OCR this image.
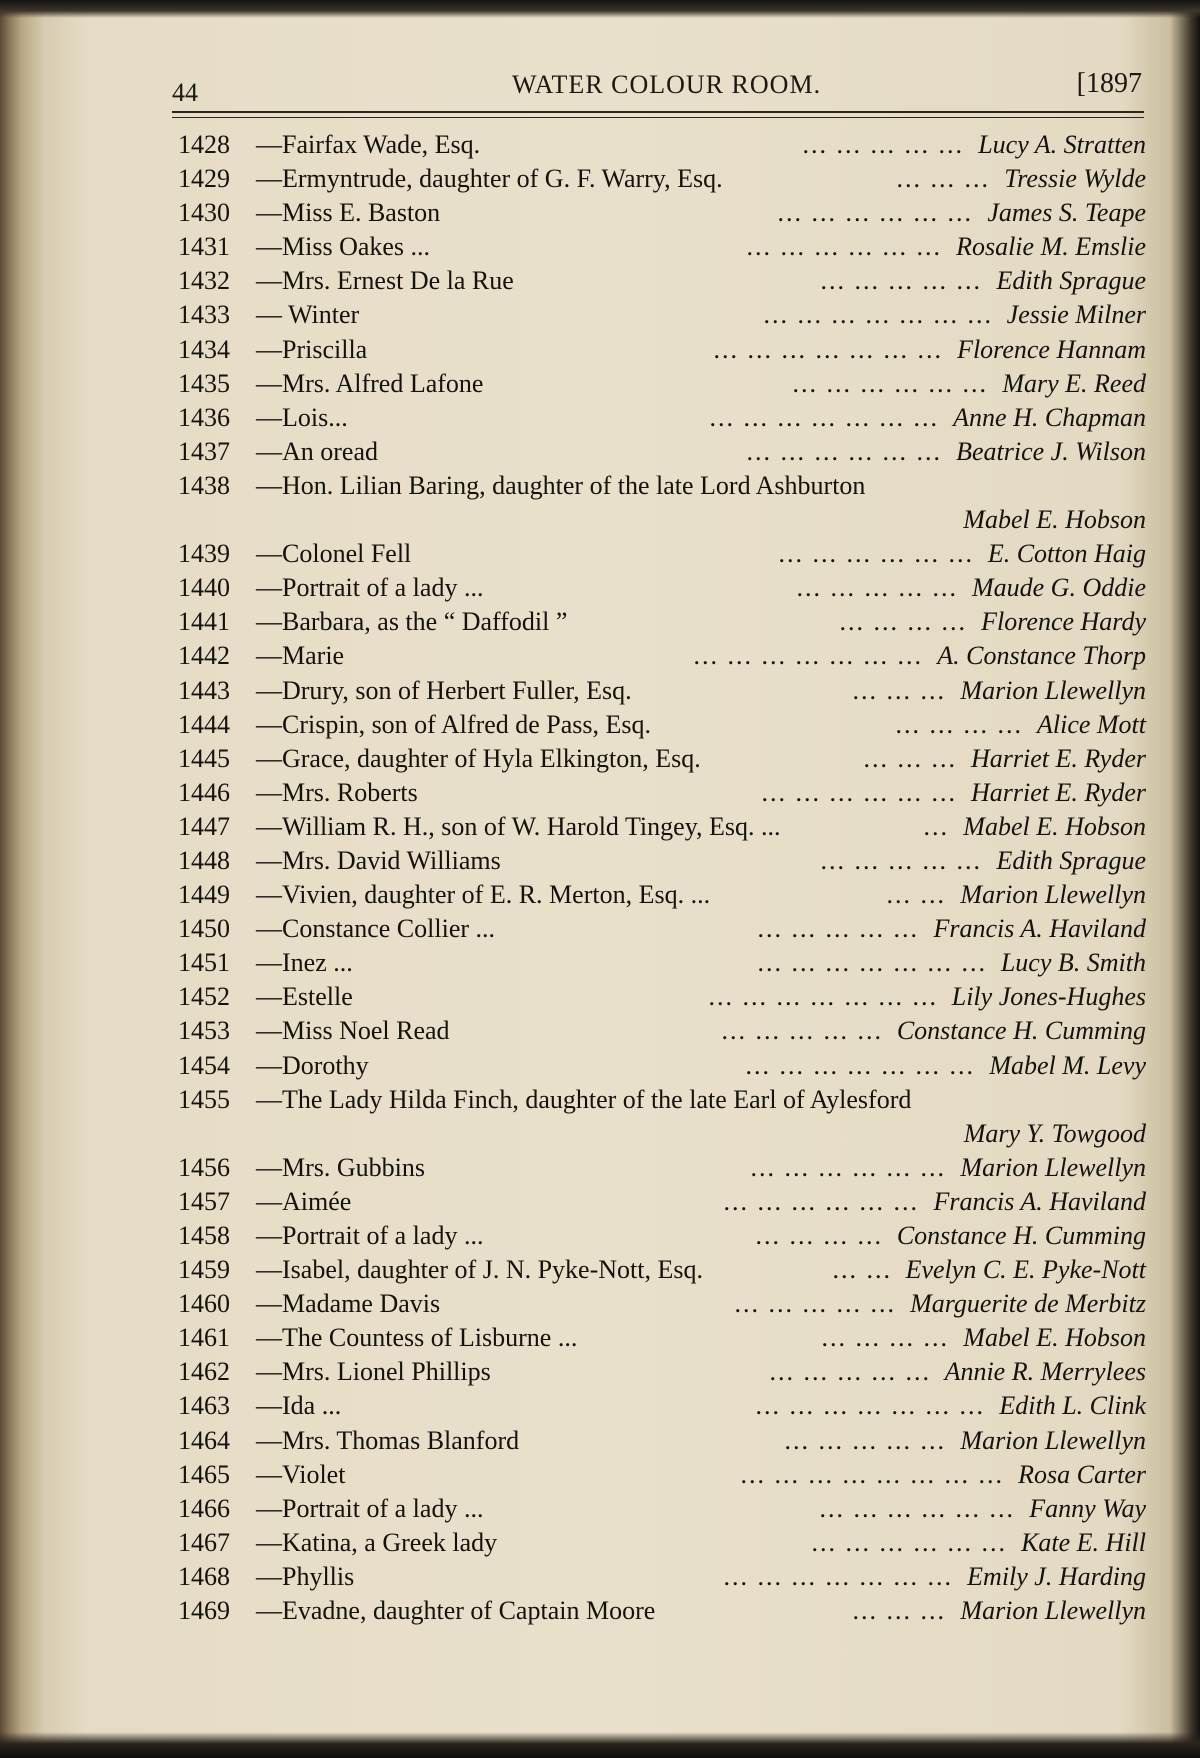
44	WATER COLOUR ROOM.	[1897
1428 —Fairfax Wade, Esq.	Lucy A. Stratten
... ... ... ... ...
1429 —Ermyntrude, daughter of G. F. Warry, Esq.	Tressie Wylde
... ... ...
1430 —Miss E. Baston	James S. Teape
... ... ... ... ... ...
1431 —Miss Oakes ...	Rosalie M. Emslie
... ... ... ... ... ...
1432 —Mrs. Ernest De la Rue	Edith Sprague
... ... ... ... ...
1433 — Winter	Jessie Milner
... ... ... ... ... ... ...
1434 —Priscilla	Florence Hannam
... ... ... ... ... ... ...
1435 —Mrs. Alfred Lafone	Mary E. Reed
... ... ... ... ... ...
1436 —Lois...	Anne H. Chapman
... ... ... ... ... ... ...
1437 —An oread	Beatrice J. Wilson
... ... ... ... ... ...
1438 —Hon. Lilian Baring, daughter of the late Lord Ashburton
Mabel E. Hobson
1439 —Colonel Fell	E. Cotton Haig
... ... ... ... ... ...
1440 —Portrait of a lady ...	Maude G. Oddie
... ... ... ... ...
1441 —Barbara, as the “ Daffodil ”	Florence Hardy
... ... ... ...
1442 —Marie	A. Constance Thorp
... ... ... ... ... ... ...
1443 —Drury, son of Herbert Fuller, Esq.	Marion Llewellyn
... ... ...
1444 —Crispin, son of Alfred de Pass, Esq.	Alice Mott
... ... ... ...
1445 —Grace, daughter of Hyla Elkington, Esq.	Harriet E. Ryder
... ... ...
1446 —Mrs. Roberts	Harriet E. Ryder
... ... ... ... ... ...
1447 —William R. H., son of W. Harold Tingey, Esq. ...	Mabel E. Hobson
...
1448 —Mrs. David Williams	Edith Sprague
... ... ... ... ...
1449 —Vivien, daughter of E. R. Merton, Esq. ...	Marion Llewellyn
... ...
1450 —Constance Collier ...	Francis A. Haviland
... ... ... ... ...
1451 —Inez ...	Lucy B. Smith
... ... ... ... ... ... ...
1452 —Estelle	Lily Jones-Hughes
... ... ... ... ... ... ...
1453 —Miss Noel Read	Constance H. Cumming
... ... ... ... ...
1454 —Dorothy	Mabel M. Levy
... ... ... ... ... ... ...
1455 —The Lady Hilda Finch, daughter of the late Earl of Aylesford
Mary Y. Towgood
1456 —Mrs. Gubbins	Marion Llewellyn
... ... ... ... ... ...
1457 —Aimée	Francis A. Haviland
... ... ... ... ... ...
1458 —Portrait of a lady ...	Constance H. Cumming
... ... ... ...
1459 —Isabel, daughter of J. N. Pyke-Nott, Esq.	Evelyn C. E. Pyke-Nott
... ...
1460 —Madame Davis	Marguerite de Merbitz
... ... ... ... ...
1461 —The Countess of Lisburne ...	Mabel E. Hobson
... ... ... ...
1462 —Mrs. Lionel Phillips	Annie R. Merrylees
... ... ... ... ...
1463 —Ida ...	Edith L. Clink
... ... ... ... ... ... ...
1464 —Mrs. Thomas Blanford	Marion Llewellyn
... ... ... ... ...
1465 —Violet	Rosa Carter
... ... ... ... ... ... ... ...
1466 —Portrait of a lady ...	Fanny Way
... ... ... ... ... ...
1467 —Katina, a Greek lady	Kate E. Hill
... ... ... ... ... ...
1468 —Phyllis	Emily J. Harding
... ... ... ... ... ... ...
1469 —Evadne, daughter of Captain Moore	Marion Llewellyn
... ... ...
